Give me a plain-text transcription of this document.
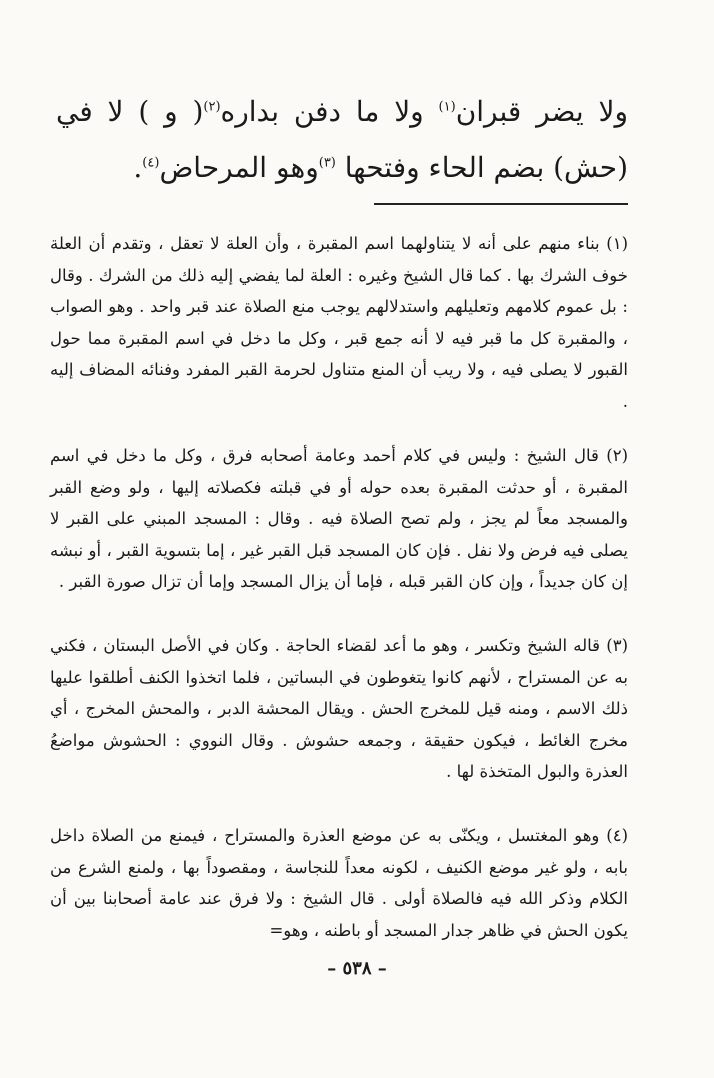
ولا يضر قبران$^{(١)}$ ولا ما دفن بداره$^{(٢)}$( و ) لا في (حش) بضم الحاء وفتحها $^{(٣)}$وهو المرحاض$^{(٤)}$.

(١) بناء منهم على أنه لا يتناولهما اسم المقبرة ، وأن العلة لا تعقل ، وتقدم أن العلة خوف الشرك بها . كما قال الشيخ وغيره : العلة لما يفضي إليه ذلك من الشرك . وقال : بل عموم كلامهم وتعليلهم واستدلالهم يوجب منع الصلاة عند قبر واحد . وهو الصواب ، والمقبرة كل ما قبر فيه لا أنه جمع قبر ، وكل ما دخل في اسم المقبرة مما حول القبور لا يصلى فيه ، ولا ريب أن المنع متناول لحرمة القبر المفرد وفنائه المضاف إليه .

(٢) قال الشيخ : وليس في كلام أحمد وعامة أصحابه فرق ، وكل ما دخل في اسم المقبرة ، أو حدثت المقبرة بعده حوله أو في قبلته فكصلاته إليها ، ولو وضع القبر والمسجد معاً لم يجز ، ولم تصح الصلاة فيه . وقال : المسجد المبني على القبر لا يصلى فيه فرض ولا نفل . فإن كان المسجد قبل القبر غير ، إما بتسوية القبر ، أو نبشه إن كان جديداً ، وإن كان القبر قبله ، فإما أن يزال المسجد وإما أن تزال صورة القبر .

(٣) قاله الشيخ وتكسر ، وهو ما أعد لقضاء الحاجة . وكان في الأصل البستان ، فكني به عن المستراح ، لأنهم كانوا يتغوطون في البساتين ، فلما اتخذوا الكنف أطلقوا عليها ذلك الاسم ، ومنه قيل للمخرج الحش . ويقال المحشة الدبر ، والمحش المخرج ، أي مخرج الغائط ، فيكون حقيقة ، وجمعه حشوش . وقال النووي : الحشوش مواضعُ العذرة والبول المتخذة لها .

(٤) وهو المغتسل ، ويكنّى به عن موضع العذرة والمستراح ، فيمنع من الصلاة داخل بابه ، ولو غير موضع الكنيف ، لكونه معداً للنجاسة ، ومقصوداً بها ، ولمنع الشرع من الكلام وذكر الله فيه فالصلاة أولى . قال الشيخ : ولا فرق عند عامة أصحابنا بين أن يكون الحش في ظاهر جدار المسجد أو باطنه ، وهو=

– ٥٣٨ –
